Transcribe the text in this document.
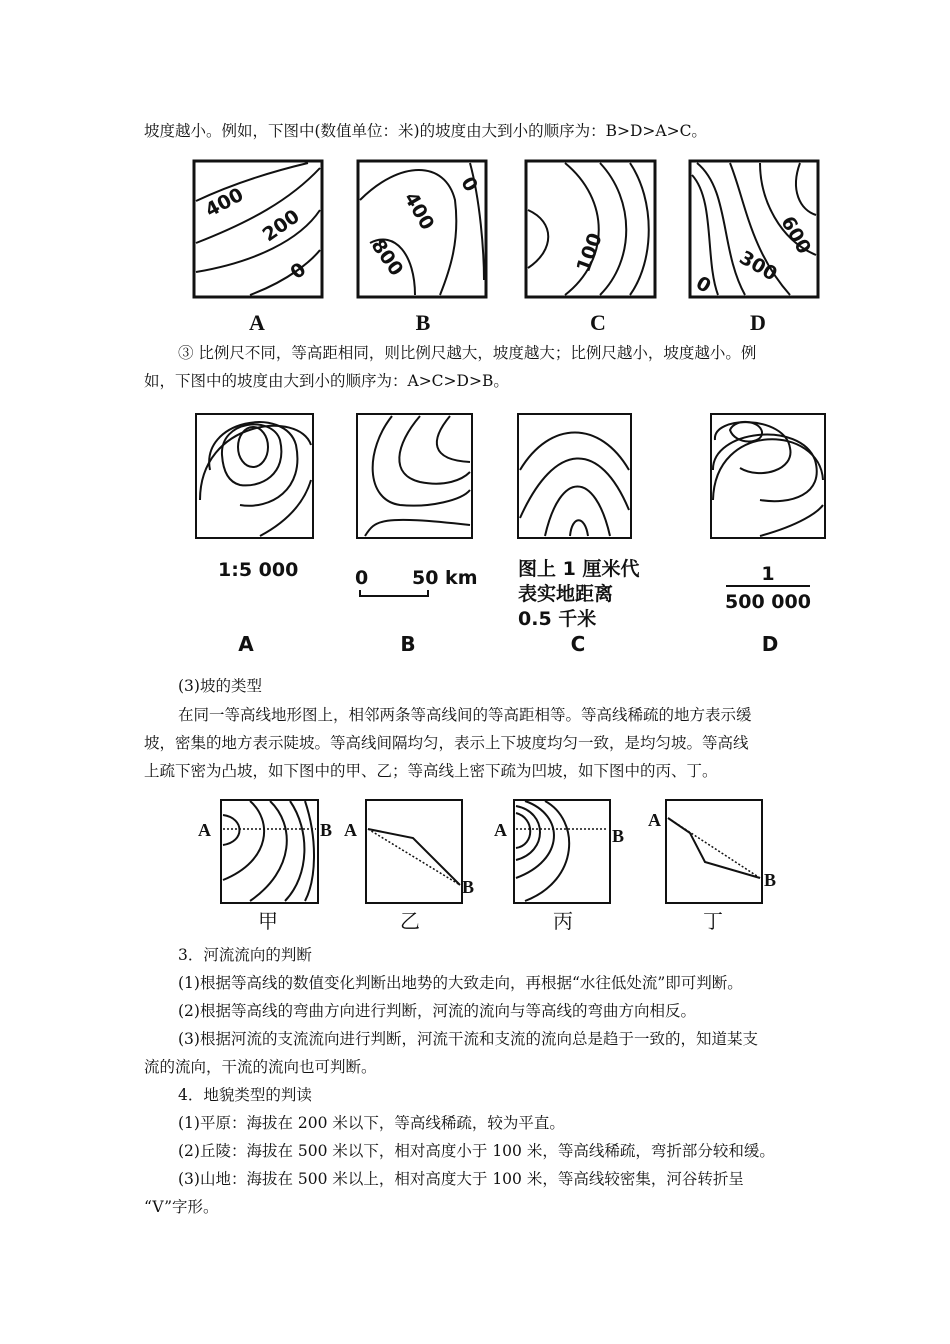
坡度越小。例如，下图中(数值单位：米)的坡度由大到小的顺序为：B>D>A>C。
③ 比例尺不同，等高距相同，则比例尺越大，坡度越大；比例尺越小，坡度越小。例
如，下图中的坡度由大到小的顺序为：A>C>D>B。
(3)坡的类型
在同一等高线地形图上，相邻两条等高线间的等高距相等。等高线稀疏的地方表示缓
坡，密集的地方表示陡坡。等高线间隔均匀，表示上下坡度均匀一致，是均匀坡。等高线
上疏下密为凸坡，如下图中的甲、乙；等高线上密下疏为凹坡，如下图中的丙、丁。
3．河流流向的判断
(1)根据等高线的数值变化判断出地势的大致走向，再根据“水往低处流”即可判断。
(2)根据等高线的弯曲方向进行判断，河流的流向与等高线的弯曲方向相反。
(3)根据河流的支流流向进行判断，河流干流和支流的流向总是趋于一致的，知道某支
流的流向，干流的流向也可判断。
4．地貌类型的判读
(1)平原：海拔在 200 米以下，等高线稀疏，较为平直。
(2)丘陵：海拔在 500 米以下，相对高度小于 100 米，等高线稀疏，弯折部分较和缓。
(3)山地：海拔在 500 米以上，相对高度大于 100 米，等高线较密集，河谷转折呈
“V”字形。
400
200
0
400
0
800	100	600
300
0
A	B	C	D
1:5 000	0 50 km 图上 1 厘米代
表实地距离
0.5 千米
1
500 000
A	B	C	D
A	B A
B
A	B
A
B
甲	乙	丙	丁
